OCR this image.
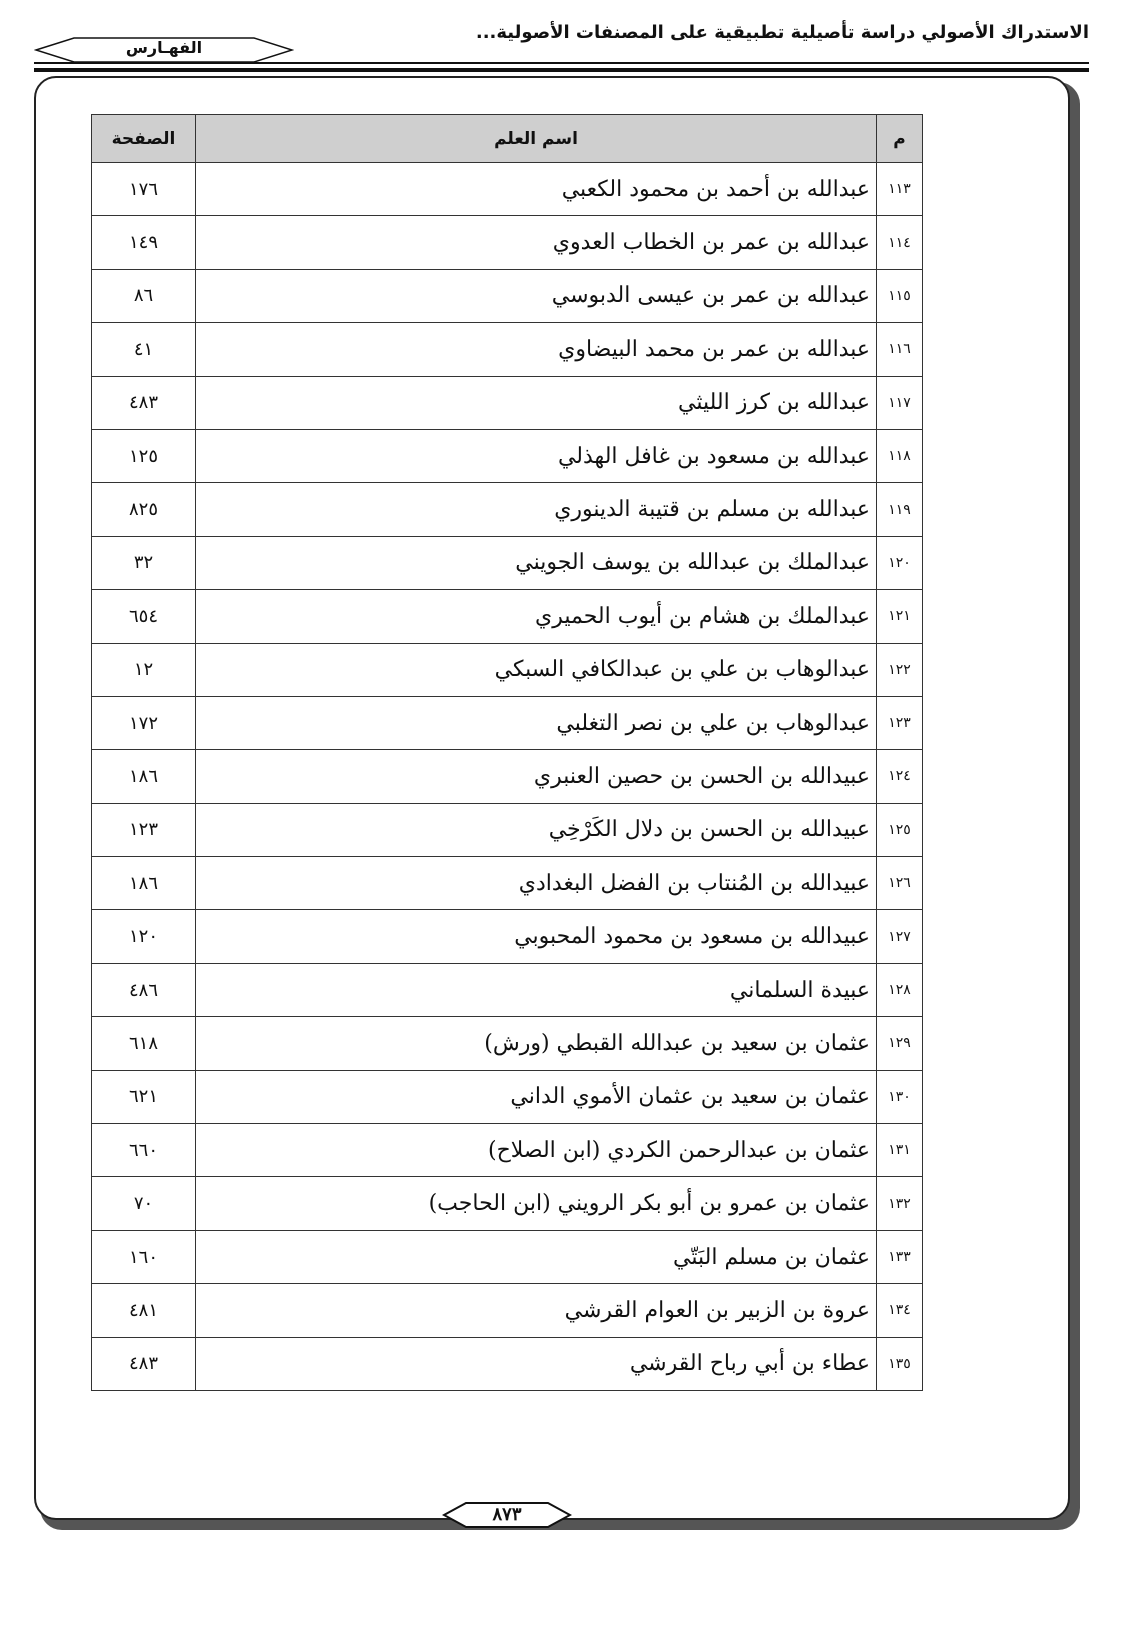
الاستدراك الأصولي دراسة تأصيلية تطبيقية على المصنفات الأصولية...
الفهـارس
م	اسم العلم	الصفحة
١١٣	عبدالله بن أحمد بن محمود الكعبي	١٧٦
١١٤	عبدالله بن عمر بن الخطاب العدوي	١٤٩
١١٥	عبدالله بن عمر بن عيسى الدبوسي	٨٦
١١٦	عبدالله بن عمر بن محمد البيضاوي	٤١
١١٧	عبدالله بن كرز الليثي	٤٨٣
١١٨	عبدالله بن مسعود بن غافل الهذلي	١٢٥
١١٩	عبدالله بن مسلم بن قتيبة الدينوري	٨٢٥
١٢٠	عبدالملك بن عبدالله بن يوسف الجويني	٣٢
١٢١	عبدالملك بن هشام بن أيوب الحميري	٦٥٤
١٢٢	عبدالوهاب بن علي بن عبدالكافي السبكي	١٢
١٢٣	عبدالوهاب بن علي بن نصر التغلبي	١٧٢
١٢٤	عبيدالله بن الحسن بن حصين العنبري	١٨٦
١٢٥	عبيدالله بن الحسن بن دلال الكَرْخِي	١٢٣
١٢٦	عبيدالله بن المُنتاب بن الفضل البغدادي	١٨٦
١٢٧	عبيدالله بن مسعود بن محمود المحبوبي	١٢٠
١٢٨	عبيدة السلماني	٤٨٦
١٢٩	عثمان بن سعيد بن عبدالله القبطي (ورش)	٦١٨
١٣٠	عثمان بن سعيد بن عثمان الأموي الداني	٦٢١
١٣١	عثمان بن عبدالرحمن الكردي (ابن الصلاح)	٦٦٠
١٣٢	عثمان بن عمرو بن أبو بكر الرويني (ابن الحاجب)	٧٠
١٣٣	عثمان بن مسلم البَتّي	١٦٠
١٣٤	عروة بن الزبير بن العوام القرشي	٤٨١
١٣٥	عطاء بن أبي رباح القرشي	٤٨٣
٨٧٣
